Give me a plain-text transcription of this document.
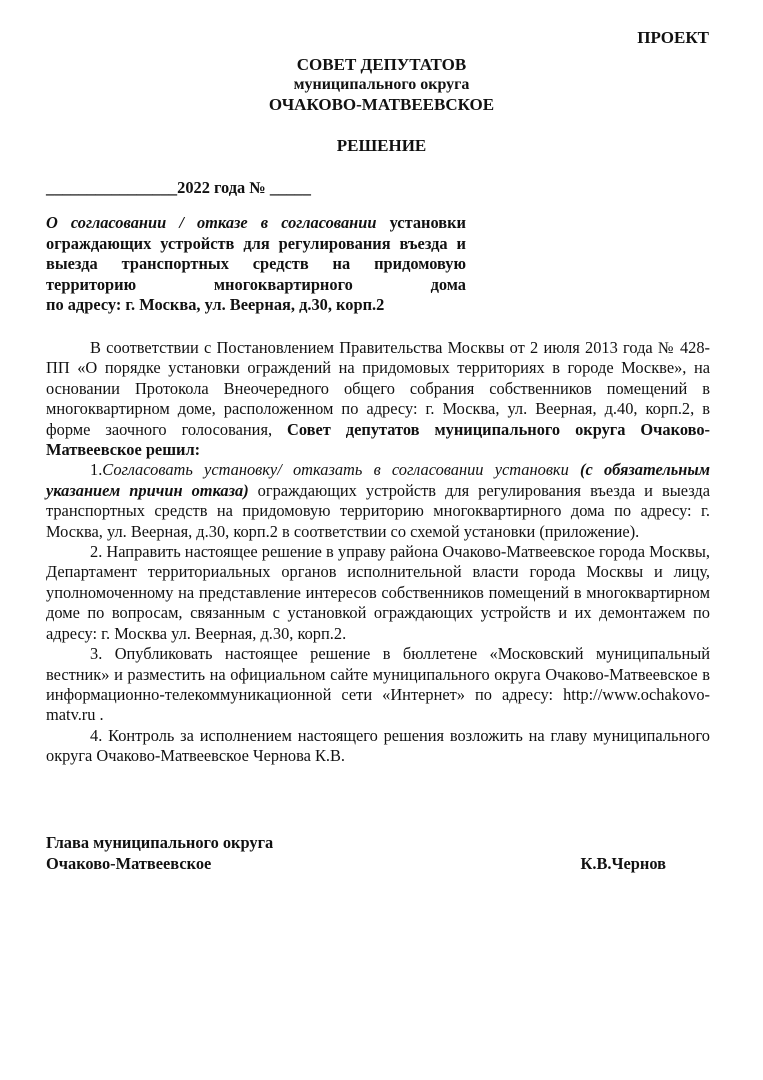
ПРОЕКТ
СОВЕТ ДЕПУТАТОВ
муниципального округа
ОЧАКОВО-МАТВЕЕВСКОЕ
РЕШЕНИЕ
________________2022 года № _____
О согласовании / отказе в согласовании установки ограждающих устройств для регулирования въезда и выезда транспортных средств на придомовую территорию многоквартирного дома
по адресу: г. Москва, ул. Веерная, д.30, корп.2

В соответствии с Постановлением Правительства Москвы от 2 июля 2013 года № 428-ПП «О порядке установки ограждений на придомовых территориях в городе Москве», на основании Протокола Внеочередного общего собрания собственников помещений в многоквартирном доме, расположенном по адресу: г. Москва, ул. Веерная, д.40, корп.2, в форме заочного голосования, Совет депутатов муниципального округа Очаково-Матвеевское решил:

1.Согласовать установку/ отказать в согласовании установки (с обязательным указанием причин отказа) ограждающих устройств для регулирования въезда и выезда транспортных средств на придомовую территорию многоквартирного дома по адресу: г. Москва, ул. Веерная, д.30, корп.2 в соответствии со схемой установки (приложение).

2. Направить настоящее решение в управу района Очаково-Матвеевское города Москвы, Департамент территориальных органов исполнительной власти города Москвы и лицу, уполномоченному на представление интересов собственников помещений в многоквартирном доме по вопросам, связанным с установкой ограждающих устройств и их демонтажем по адресу: г. Москва ул. Веерная, д.30, корп.2.

3. Опубликовать настоящее решение в бюллетене «Московский муниципальный вестник» и разместить на официальном сайте муниципального округа Очаково-Матвеевское в информационно-телекоммуникационной сети «Интернет» по адресу: http://www.ochakovo-matv.ru .

4. Контроль за исполнением настоящего решения возложить на главу муниципального округа Очаково-Матвеевское Чернова К.В.

Глава муниципального округа
Очаково-Матвеевское	К.В.Чернов
